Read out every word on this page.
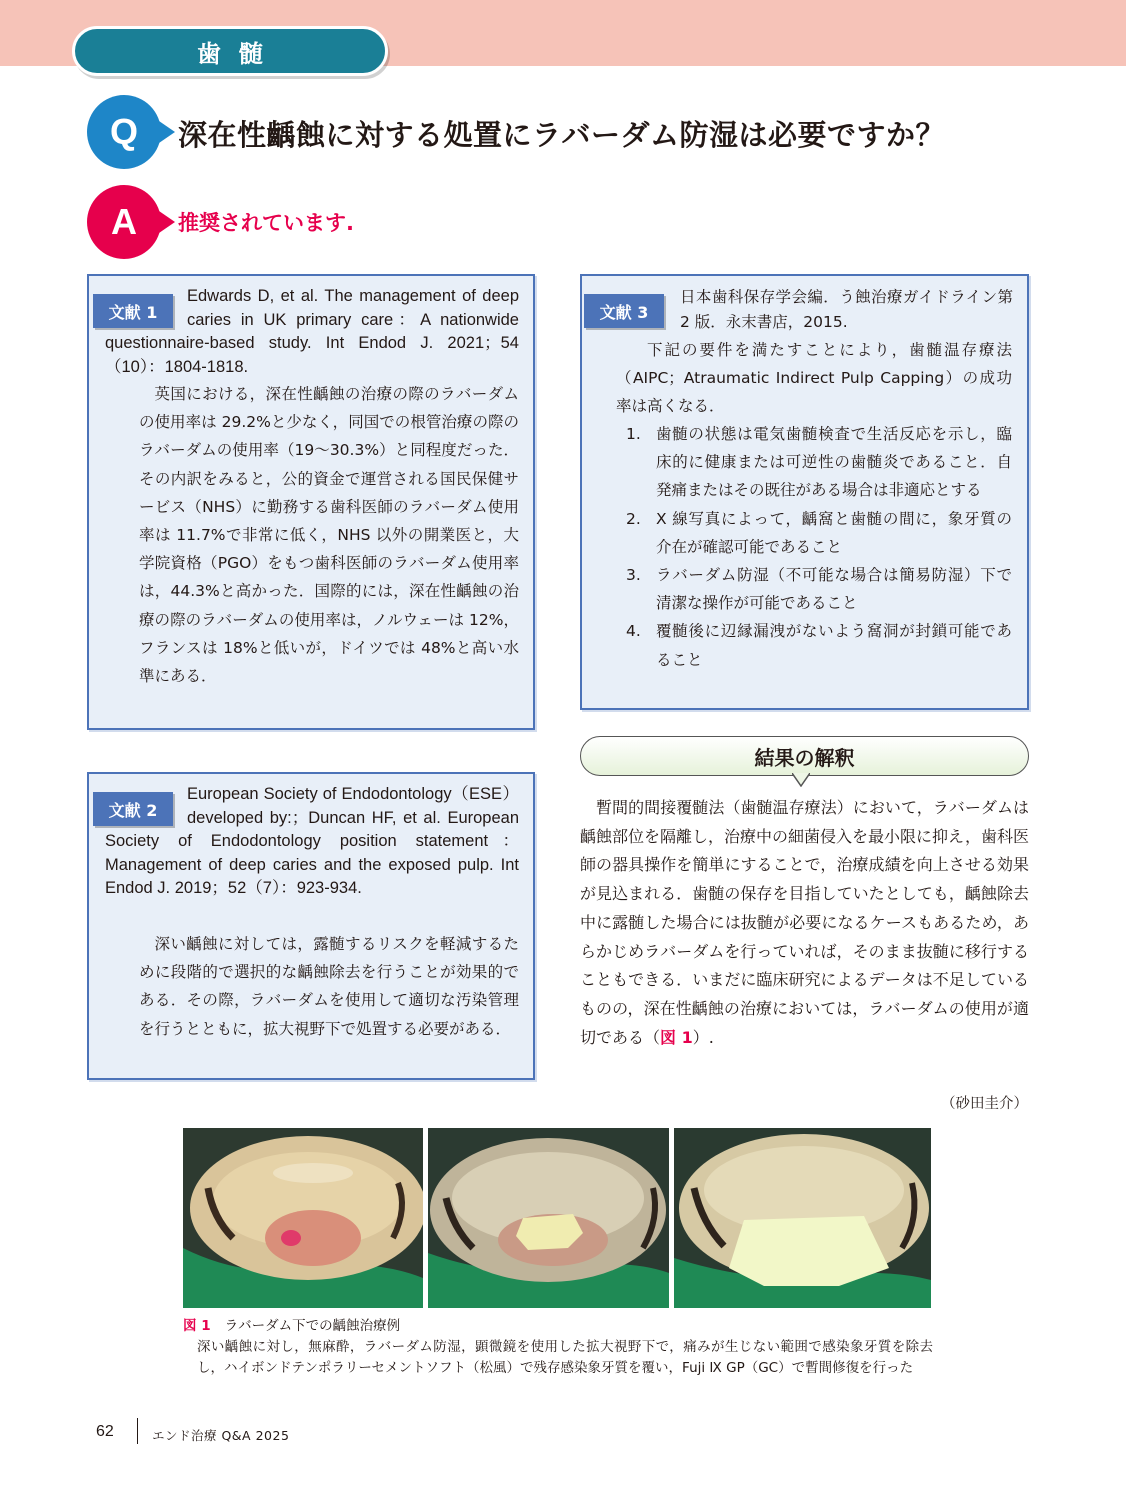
歯髄
Q	深在性齲蝕に対する処置にラバーダム防湿は必要ですか？
A	推奨されています.
文献 1
Edwards D, et al. The management of deep caries in UK primary care：A nationwide questionnaire-based study. Int Endod J. 2021；54（10）：1804-1818.
英国における，深在性齲蝕の治療の際のラバーダムの使用率は 29.2%と少なく，同国での根管治療の際のラバーダムの使用率（19〜30.3%）と同程度だった．その内訳をみると，公的資金で運営される国民保健サービス（NHS）に勤務する歯科医師のラバーダム使用率は 11.7%で非常に低く，NHS 以外の開業医と，大学院資格（PGO）をもつ歯科医師のラバーダム使用率は，44.3%と高かった．国際的には，深在性齲蝕の治療の際のラバーダムの使用率は，ノルウェーは 12%，フランスは 18%と低いが，ドイツでは 48%と高い水準にある．
文献 2
European Society of Endodontology（ESE）developed by:；Duncan HF, et al. European Society of Endodontology position statement：Management of deep caries and the exposed pulp. Int Endod J. 2019；52（7）：923-934.
深い齲蝕に対しては，露髄するリスクを軽減するために段階的で選択的な齲蝕除去を行うことが効果的である．その際，ラバーダムを使用して適切な汚染管理を行うとともに，拡大視野下で処置する必要がある．
文献 3
日本歯科保存学会編．う蝕治療ガイドライン第 2 版．永末書店，2015.
下記の要件を満たすことにより，歯髄温存療法（AIPC；Atraumatic Indirect Pulp Capping）の成功率は高くなる．
1. 歯髄の状態は電気歯髄検査で生活反応を示し，臨床的に健康または可逆性の歯髄炎であること．自発痛またはその既往がある場合は非適応とする
2. X 線写真によって，齲窩と歯髄の間に，象牙質の介在が確認可能であること
3. ラバーダム防湿（不可能な場合は簡易防湿）下で清潔な操作が可能であること
4. 覆髄後に辺縁漏洩がないよう窩洞が封鎖可能であること
結果の解釈
暫間的間接覆髄法（歯髄温存療法）において，ラバーダムは齲蝕部位を隔離し，治療中の細菌侵入を最小限に抑え，歯科医師の器具操作を簡単にすることで，治療成績を向上させる効果が見込まれる．歯髄の保存を目指していたとしても，齲蝕除去中に露髄した場合には抜髄が必要になるケースもあるため，あらかじめラバーダムを行っていれば，そのまま抜髄に移行することもできる．いまだに臨床研究によるデータは不足しているものの，深在性齲蝕の治療においては，ラバーダムの使用が適切である（図 1）.
（砂田圭介）
図 1 ラバーダム下での齲蝕治療例
深い齲蝕に対し，無麻酔，ラバーダム防湿，顕微鏡を使用した拡大視野下で，痛みが生じない範囲で感染象牙質を除去し，ハイボンドテンポラリーセメントソフト（松風）で残存感染象牙質を覆い，Fuji Ⅸ GP（GC）で暫間修復を行った
62	エンド治療 Q&A 2025
